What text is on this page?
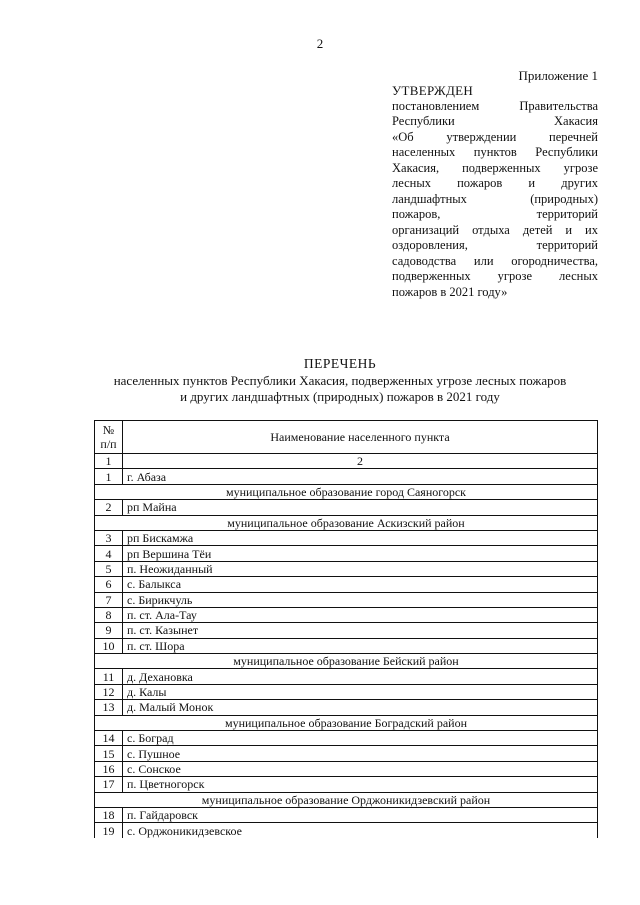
2
Приложение 1
УТВЕРЖДЕН
постановлением Правительства
Республики Хакасия
«Об утверждении перечней
населенных пунктов Республики
Хакасия, подверженных угрозе
лесных пожаров и других
ландшафтных (природных)
пожаров, территорий
организаций отдыха детей и их
оздоровления, территорий
садоводства или огородничества,
подверженных угрозе лесных
пожаров в 2021 году»
ПЕРЕЧЕНЬ
населенных пунктов Республики Хакасия, подверженных угрозе лесных пожаров
и других ландшафтных (природных) пожаров в 2021 году
№
п/п	Наименование населенного пункта
1	2
1	г. Абаза
муниципальное образование город Саяногорск	
2	рп Майна
муниципальное образование Аскизский район	
3	рп Бискамжа
4	рп Вершина Тёи
5	п. Неожиданный
6	с. Балыкса
7	с. Бирикчуль
8	п. ст. Ала-Тау
9	п. ст. Казынет
10	п. ст. Шора
муниципальное образование Бейский район	
11	д. Дехановка
12	д. Калы
13	д. Малый Монок
муниципальное образование Боградский район	
14	с. Боград
15	с. Пушное
16	с. Сонское
17	п. Цветногорск
муниципальное образование Орджоникидзевский район	
18	п. Гайдаровск
19	с. Орджоникидзевское
